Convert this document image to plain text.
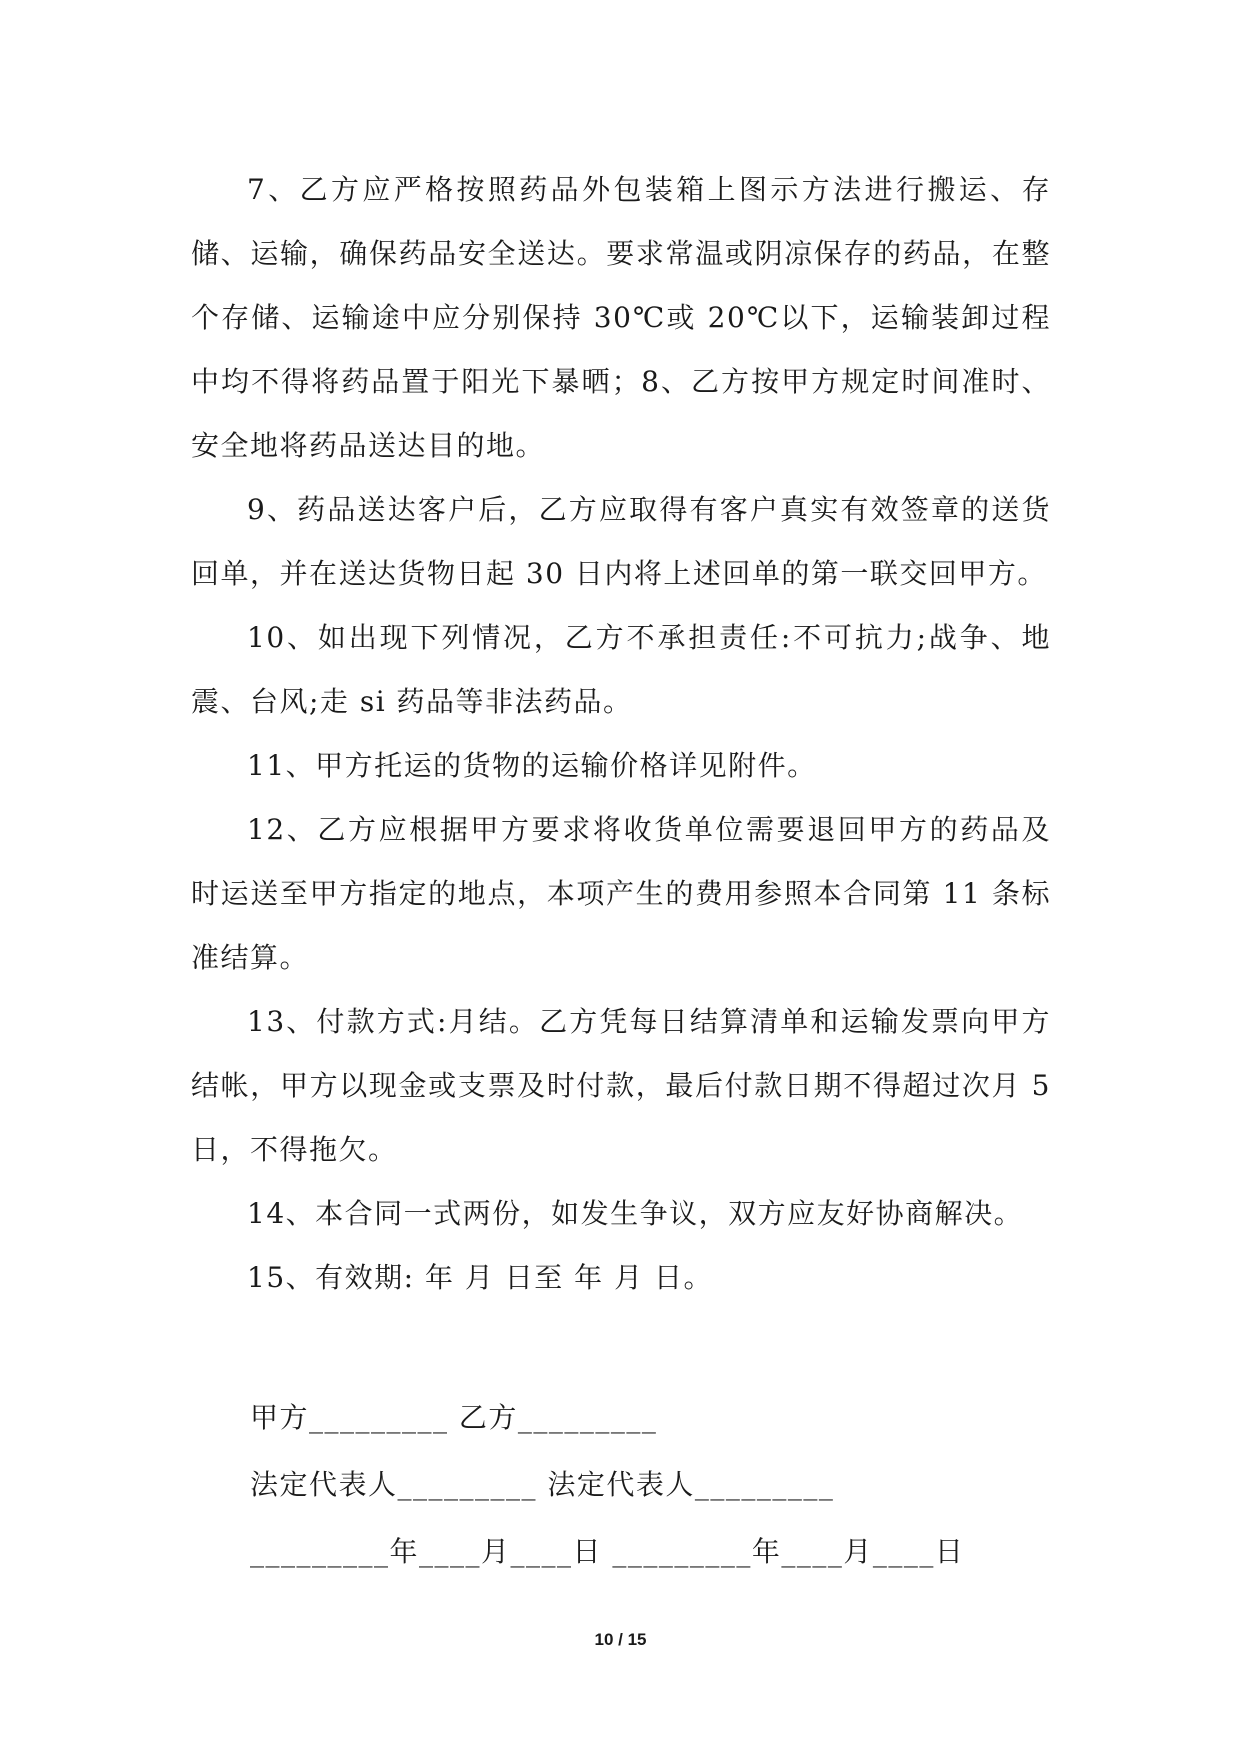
7、乙方应严格按照药品外包装箱上图示方法进行搬运、存储、运输，确保药品安全送达。要求常温或阴凉保存的药品，在整个存储、运输途中应分别保持 30℃或 20℃以下，运输装卸过程中均不得将药品置于阳光下暴晒；8、乙方按甲方规定时间准时、安全地将药品送达目的地。

9、药品送达客户后，乙方应取得有客户真实有效签章的送货回单，并在送达货物日起 30 日内将上述回单的第一联交回甲方。

10、如出现下列情况，乙方不承担责任:不可抗力;战争、地震、台风;走 si 药品等非法药品。

11、甲方托运的货物的运输价格详见附件。

12、乙方应根据甲方要求将收货单位需要退回甲方的药品及时运送至甲方指定的地点，本项产生的费用参照本合同第 11 条标准结算。

13、付款方式:月结。乙方凭每日结算清单和运输发票向甲方结帐，甲方以现金或支票及时付款，最后付款日期不得超过次月 5 日，不得拖欠。

14、本合同一式两份，如发生争议，双方应友好协商解决。

15、有效期: 年 月 日至 年 月 日。

甲方_________ 乙方_________
法定代表人_________ 法定代表人_________
_________年____月____日 _________年____月____日
10 / 15
